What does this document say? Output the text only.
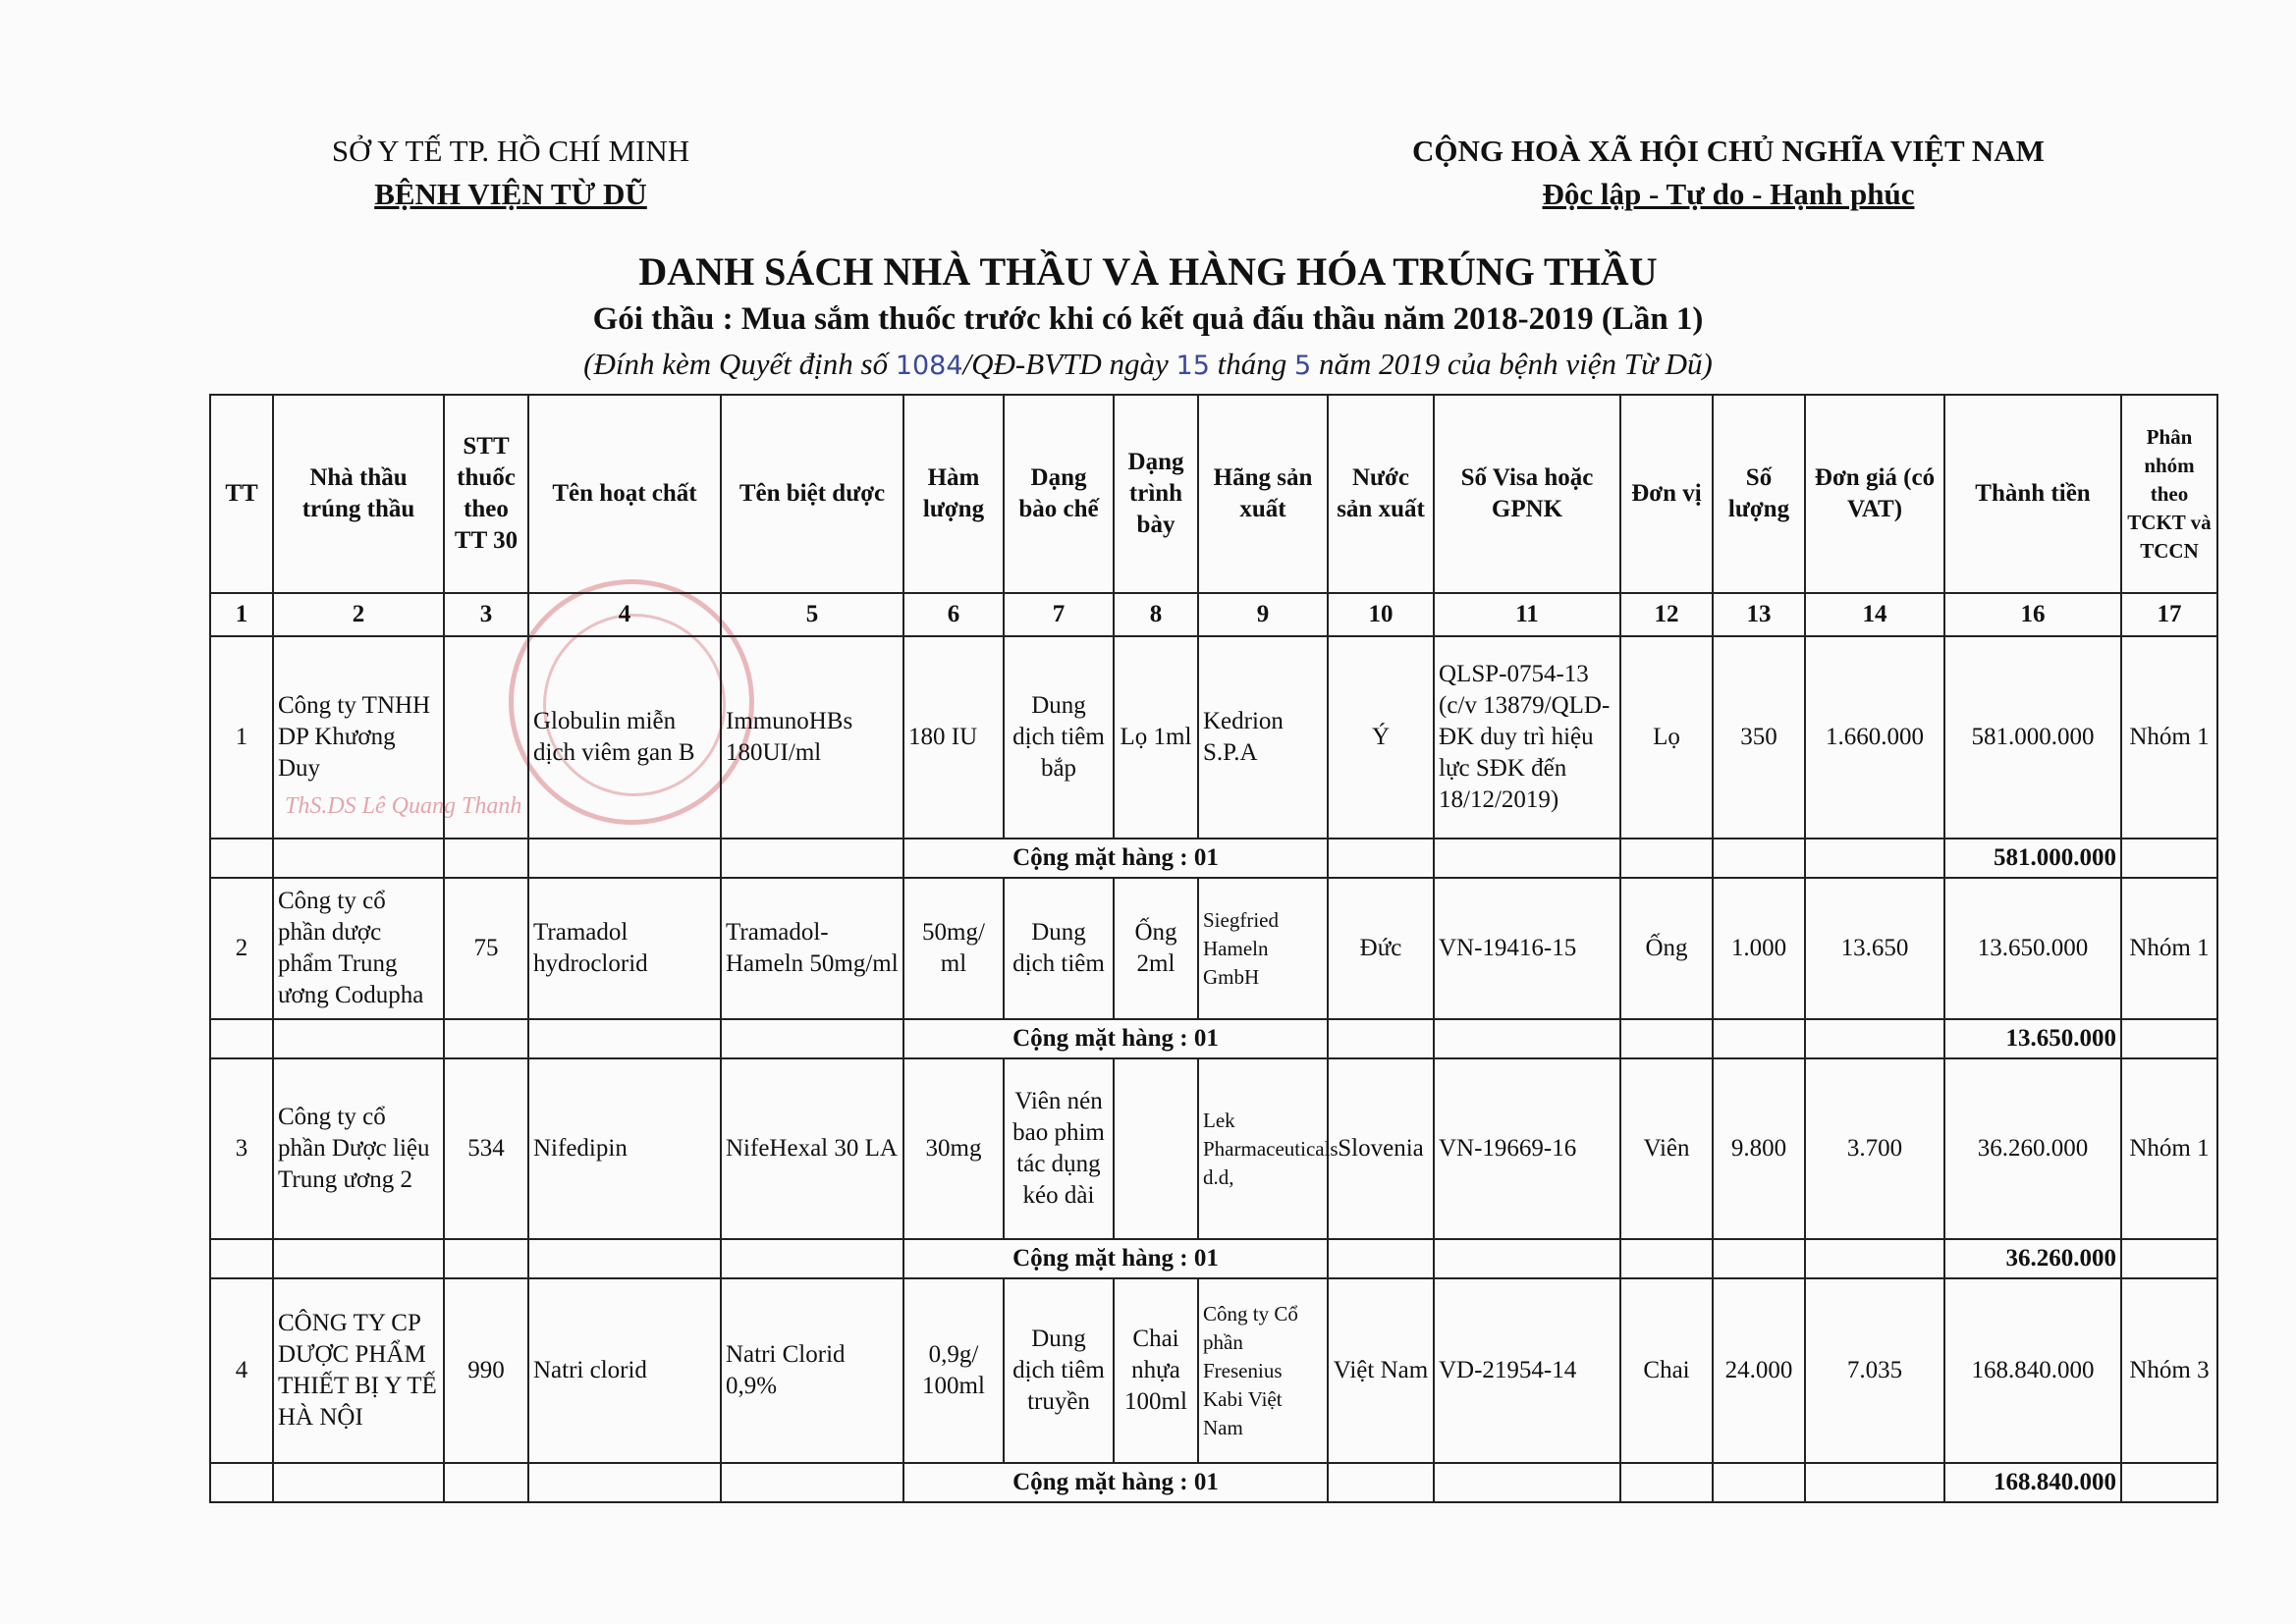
SỞ Y TẾ TP. HỒ CHÍ MINH
BỆNH VIỆN TỪ DŨ
CỘNG HOÀ XÃ HỘI CHỦ NGHĨA VIỆT NAM
Độc lập - Tự do - Hạnh phúc
DANH SÁCH NHÀ THẦU VÀ HÀNG HÓA TRÚNG THẦU
Gói thầu : Mua sắm thuốc trước khi có kết quả đấu thầu năm 2018-2019 (Lần 1)
(Đính kèm Quyết định số 1084/QĐ-BVTD ngày 15 tháng 5 năm 2019 của bệnh viện Từ Dũ)
ThS.DS Lê Quang Thanh
TT	Nhà thầu trúng thầu	STT thuốc theo TT 30	Tên hoạt chất	Tên biệt dược	Hàm lượng	Dạng bào chế	Dạng trình bày	Hãng sản xuất	Nước sản xuất	Số Visa hoặc GPNK	Đơn vị	Số lượng	Đơn giá (có VAT)	Thành tiền	Phân nhóm theo TCKT và TCCN
1	2	3	4	5	6	7	8	9	10	11	12	13	14	16	17
1	Công ty TNHH DP Khương Duy		Globulin miễn dịch viêm gan B	ImmunoHBs 180UI/ml	180 IU	Dung dịch tiêm bắp	Lọ 1ml	Kedrion S.P.A	Ý	QLSP-0754-13 (c/v 13879/QLD-ĐK duy trì hiệu lực SĐK đến 18/12/2019)	Lọ	350	1.660.000	581.000.000	Nhóm 1
					Cộng mặt hàng : 01									581.000.000	
2	Công ty cổ phần dược phẩm Trung ương Codupha	75	Tramadol hydroclorid	Tramadol-Hameln 50mg/ml	50mg/ ml	Dung dịch tiêm	Ống 2ml	Siegfried Hameln GmbH	Đức	VN-19416-15	Ống	1.000	13.650	13.650.000	Nhóm 1
					Cộng mặt hàng : 01									13.650.000	
3	Công ty cổ phần Dược liệu Trung ương 2	534	Nifedipin	NifeHexal 30 LA	30mg	Viên nén bao phim tác dụng kéo dài		Lek Pharmaceuticals d.d,	Slovenia	VN-19669-16	Viên	9.800	3.700	36.260.000	Nhóm 1
					Cộng mặt hàng : 01									36.260.000	
4	CÔNG TY CP DƯỢC PHẨM THIẾT BỊ Y TẾ HÀ NỘI	990	Natri clorid	Natri Clorid 0,9%	0,9g/ 100ml	Dung dịch tiêm truyền	Chai nhựa 100ml	Công ty Cổ phần Fresenius Kabi Việt Nam	Việt Nam	VD-21954-14	Chai	24.000	7.035	168.840.000	Nhóm 3
					Cộng mặt hàng : 01									168.840.000	
